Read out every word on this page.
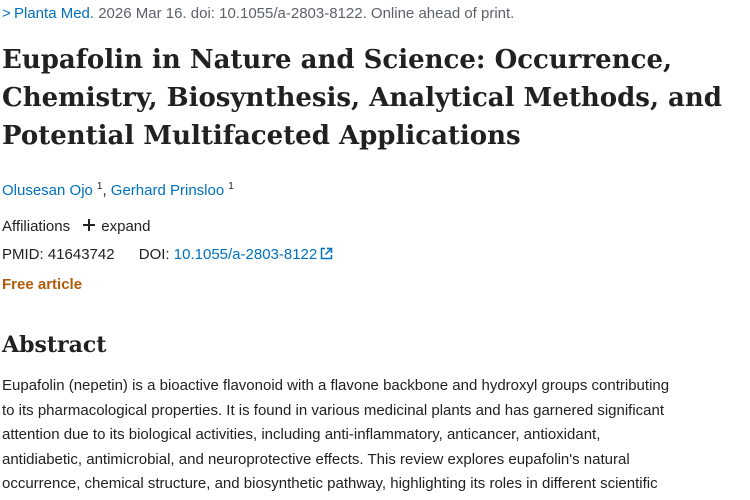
> Planta Med. 2026 Mar 16. doi: 10.1055/a-2803-8122. Online ahead of print.
Eupafolin in Nature and Science: Occurrence,
Chemistry, Biosynthesis, Analytical Methods, and
Potential Multifaceted Applications
Olusesan Ojo $^1$, Gerhard Prinsloo $^1$
Affiliations expand
PMID: 41643742 DOI: 10.1055/a-2803-8122
Free article
Abstract
Eupafolin (nepetin) is a bioactive flavonoid with a flavone backbone and hydroxyl groups contributing
to its pharmacological properties. It is found in various medicinal plants and has garnered significant
attention due to its biological activities, including anti-inflammatory, anticancer, antioxidant,
antidiabetic, antimicrobial, and neuroprotective effects. This review explores eupafolin's natural
occurrence, chemical structure, and biosynthetic pathway, highlighting its roles in different scientific
